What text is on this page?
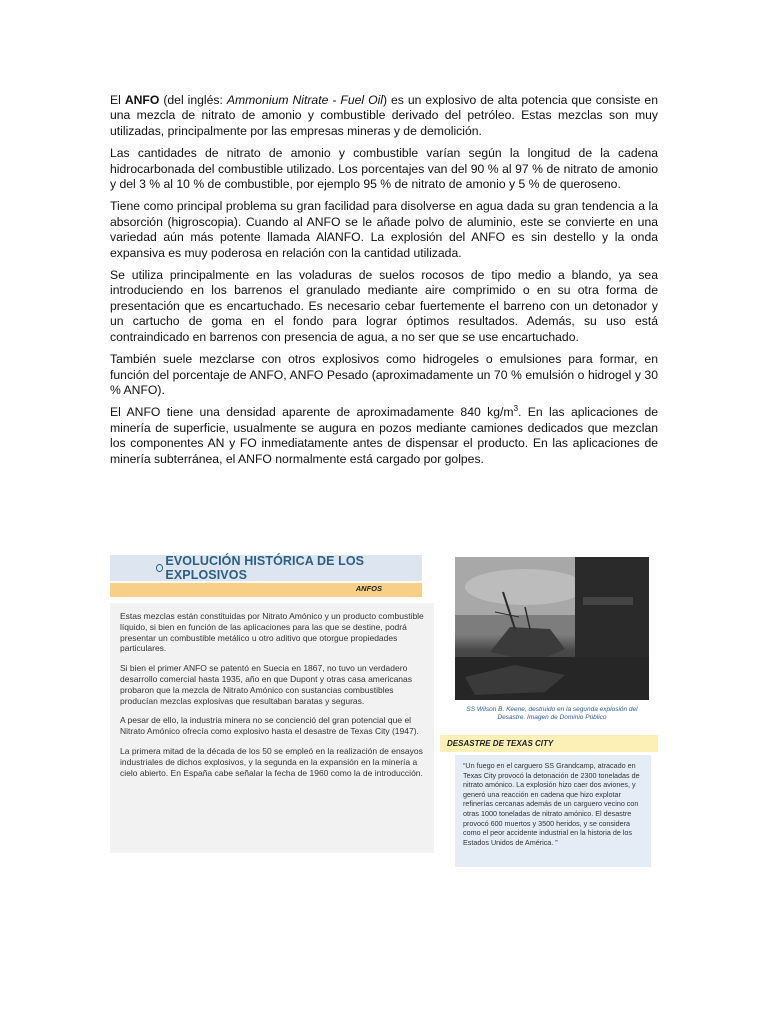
El ANFO (del inglés: Ammonium Nitrate - Fuel Oil) es un explosivo de alta potencia que consiste en una mezcla de nitrato de amonio y combustible derivado del petróleo. Estas mezclas son muy utilizadas, principalmente por las empresas mineras y de demolición.

Las cantidades de nitrato de amonio y combustible varían según la longitud de la cadena hidrocarbonada del combustible utilizado. Los porcentajes van del 90 % al 97 % de nitrato de amonio y del 3 % al 10 % de combustible, por ejemplo 95 % de nitrato de amonio y 5 % de queroseno.

Tiene como principal problema su gran facilidad para disolverse en agua dada su gran tendencia a la absorción (higroscopia). Cuando al ANFO se le añade polvo de aluminio, este se convierte en una variedad aún más potente llamada AlANFO. La explosión del ANFO es sin destello y la onda expansiva es muy poderosa en relación con la cantidad utilizada.

Se utiliza principalmente en las voladuras de suelos rocosos de tipo medio a blando, ya sea introduciendo en los barrenos el granulado mediante aire comprimido o en su otra forma de presentación que es encartuchado. Es necesario cebar fuertemente el barreno con un detonador y un cartucho de goma en el fondo para lograr óptimos resultados. Además, su uso está contraindicado en barrenos con presencia de agua, a no ser que se use encartuchado.

También suele mezclarse con otros explosivos como hidrogeles o emulsiones para formar, en función del porcentaje de ANFO, ANFO Pesado (aproximadamente un 70 % emulsión o hidrogel y 30 % ANFO).

El ANFO tiene una densidad aparente de aproximadamente 840 $kg/m^3$. En las aplicaciones de minería de superficie, usualmente se augura en pozos mediante camiones dedicados que mezclan los componentes AN y FO inmediatamente antes de dispensar el producto. En las aplicaciones de minería subterránea, el ANFO normalmente está cargado por golpes.

EVOLUCIÓN HISTÓRICA DE LOS EXPLOSIVOS
ANFOS

Estas mezclas están constituidas por Nitrato Amónico y un producto combustible líquido, si bien en función de las aplicaciones para las que se destine, podrá presentar un combustible metálico u otro aditivo que otorgue propiedades particulares.

Si bien el primer ANFO se patentó en Suecia en 1867, no tuvo un verdadero desarrollo comercial hasta 1935, año en que Dupont y otras casa americanas probaron que la mezcla de Nitrato Amónico con sustancias combustibles producían mezclas explosivas que resultaban baratas y seguras.

A pesar de ello, la industria minera no se concienció del gran potencial que el Nitrato Amónico ofrecía como explosivo hasta el desastre de Texas City (1947).

La primera mitad de la década de los 50 se empleó en la realización de ensayos industriales de dichos explosivos, y la segunda en la expansión en la minería a cielo abierto. En España cabe señalar la fecha de 1960 como la de introducción.

SS Wilson B. Keene, destruido en la segunda explosión del Desastre. Imagen de Dominio Público
DESASTRE DE TEXAS CITY
“Un fuego en el carguero SS Grandcamp, atracado en Texas City provocó la detonación de 2300 toneladas de nitrato amónico. La explosión hizo caer dos aviones, y generó una reacción en cadena que hizo explotar refinerías cercanas además de un carguero vecino con otras 1000 toneladas de nitrato amónico. El desastre provocó 600 muertos y 3500 heridos, y se considera como el peor accidente industrial en la historia de los Estados Unidos de América. ”
